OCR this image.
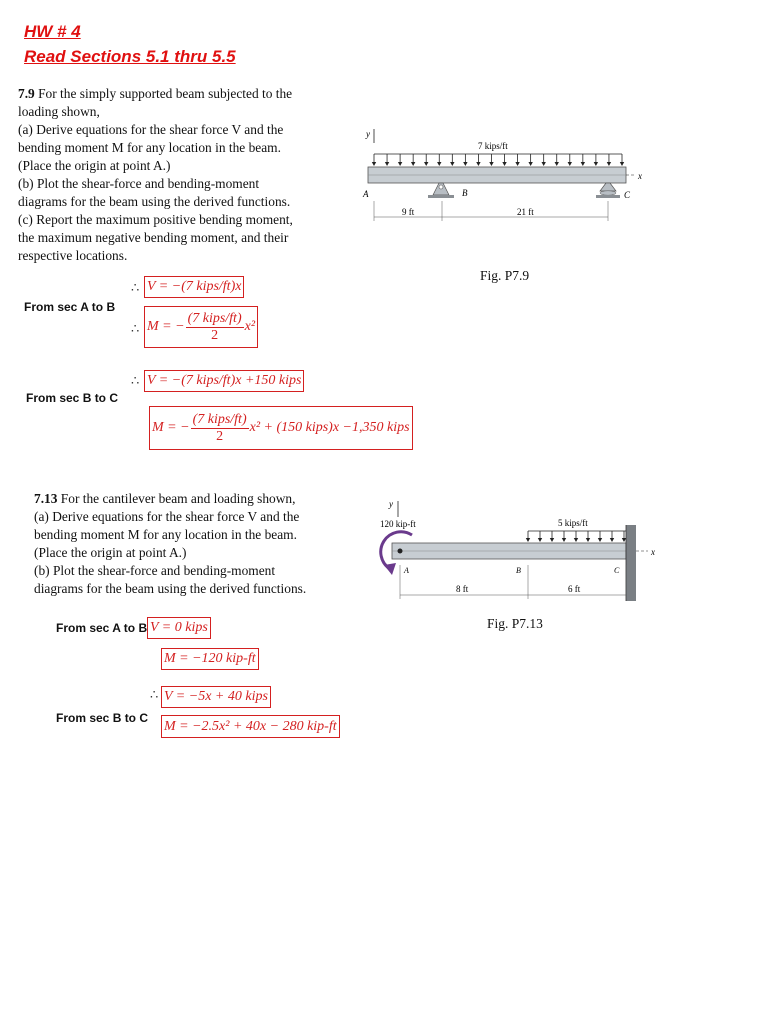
HW # 4
Read Sections 5.1 thru 5.5
7.9 For the simply supported beam subjected to the
loading shown,
(a) Derive equations for the shear force V and the
bending moment M for any location in the beam.
(Place the origin at point A.)
(b) Plot the shear-force and bending-moment
diagrams for the beam using the derived functions.
(c) Report the maximum positive bending moment,
the maximum negative bending moment, and their
respective locations.
y
7 kips/ft
x
A	B	C
9 ft	21 ft
Fig. P7.9
∴ V = −(7 kips/ft)x
From sec A to B
∴ M = − $\frac{\text{(7 kips/ft)}}{2} x^2$
∴ V = −(7 kips/ft)x +150 kips
From sec B to C
M = − $\frac{\text{(7 kips/ft)}}{2} x^2 + (150$ kips)x −1,350 kips
7.13 For the cantilever beam and loading shown,
(a) Derive equations for the shear force V and the
bending moment M for any location in the beam.
(Place the origin at point A.)
(b) Plot the shear-force and bending-moment
diagrams for the beam using the derived functions.
y
120 kip-ft
x
5 kips/ft
A	B	C
8 ft	6 ft
Fig. P7.13
From sec A to B V = 0 kips
M = −120 kip-ft
∴ V = −5x + 40 kips
From sec B to C
M = −2.5x² + 40x − 280 kip-ft
